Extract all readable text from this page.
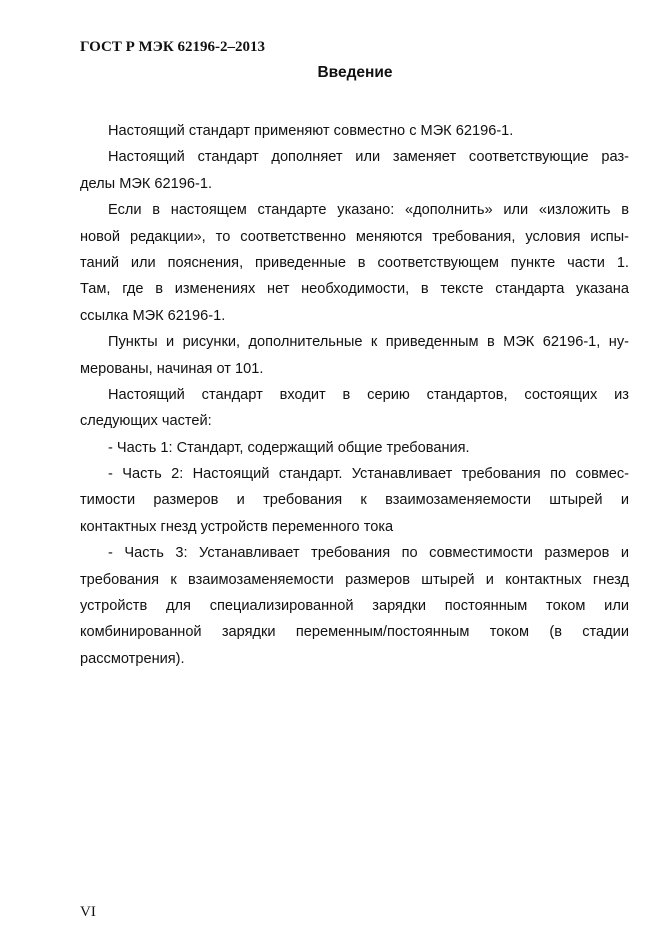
ГОСТ Р МЭК 62196-2–2013
Введение
Настоящий стандарт применяют совместно с МЭК 62196-1.
Настоящий стандарт дополняет или заменяет соответствующие раз-
делы МЭК 62196-1.
Если в настоящем стандарте указано: «дополнить» или «изложить в
новой редакции», то соответственно меняются требования, условия испы-
таний или пояснения, приведенные в соответствующем пункте части 1.
Там, где в изменениях нет необходимости, в тексте стандарта указана
ссылка МЭК 62196-1.
Пункты и рисунки, дополнительные к приведенным в МЭК 62196-1, ну-
мерованы, начиная от 101.
Настоящий стандарт входит в серию стандартов, состоящих из
следующих частей:
- Часть 1: Стандарт, содержащий общие требования.
- Часть 2: Настоящий стандарт. Устанавливает требования по совмес-
тимости размеров и требования к взаимозаменяемости штырей и
контактных гнезд устройств переменного тока
- Часть 3: Устанавливает требования по совместимости размеров и
требования к взаимозаменяемости размеров штырей и контактных гнезд
устройств для специализированной зарядки постоянным током или
комбинированной зарядки переменным/постоянным током (в стадии
рассмотрения).
VI
